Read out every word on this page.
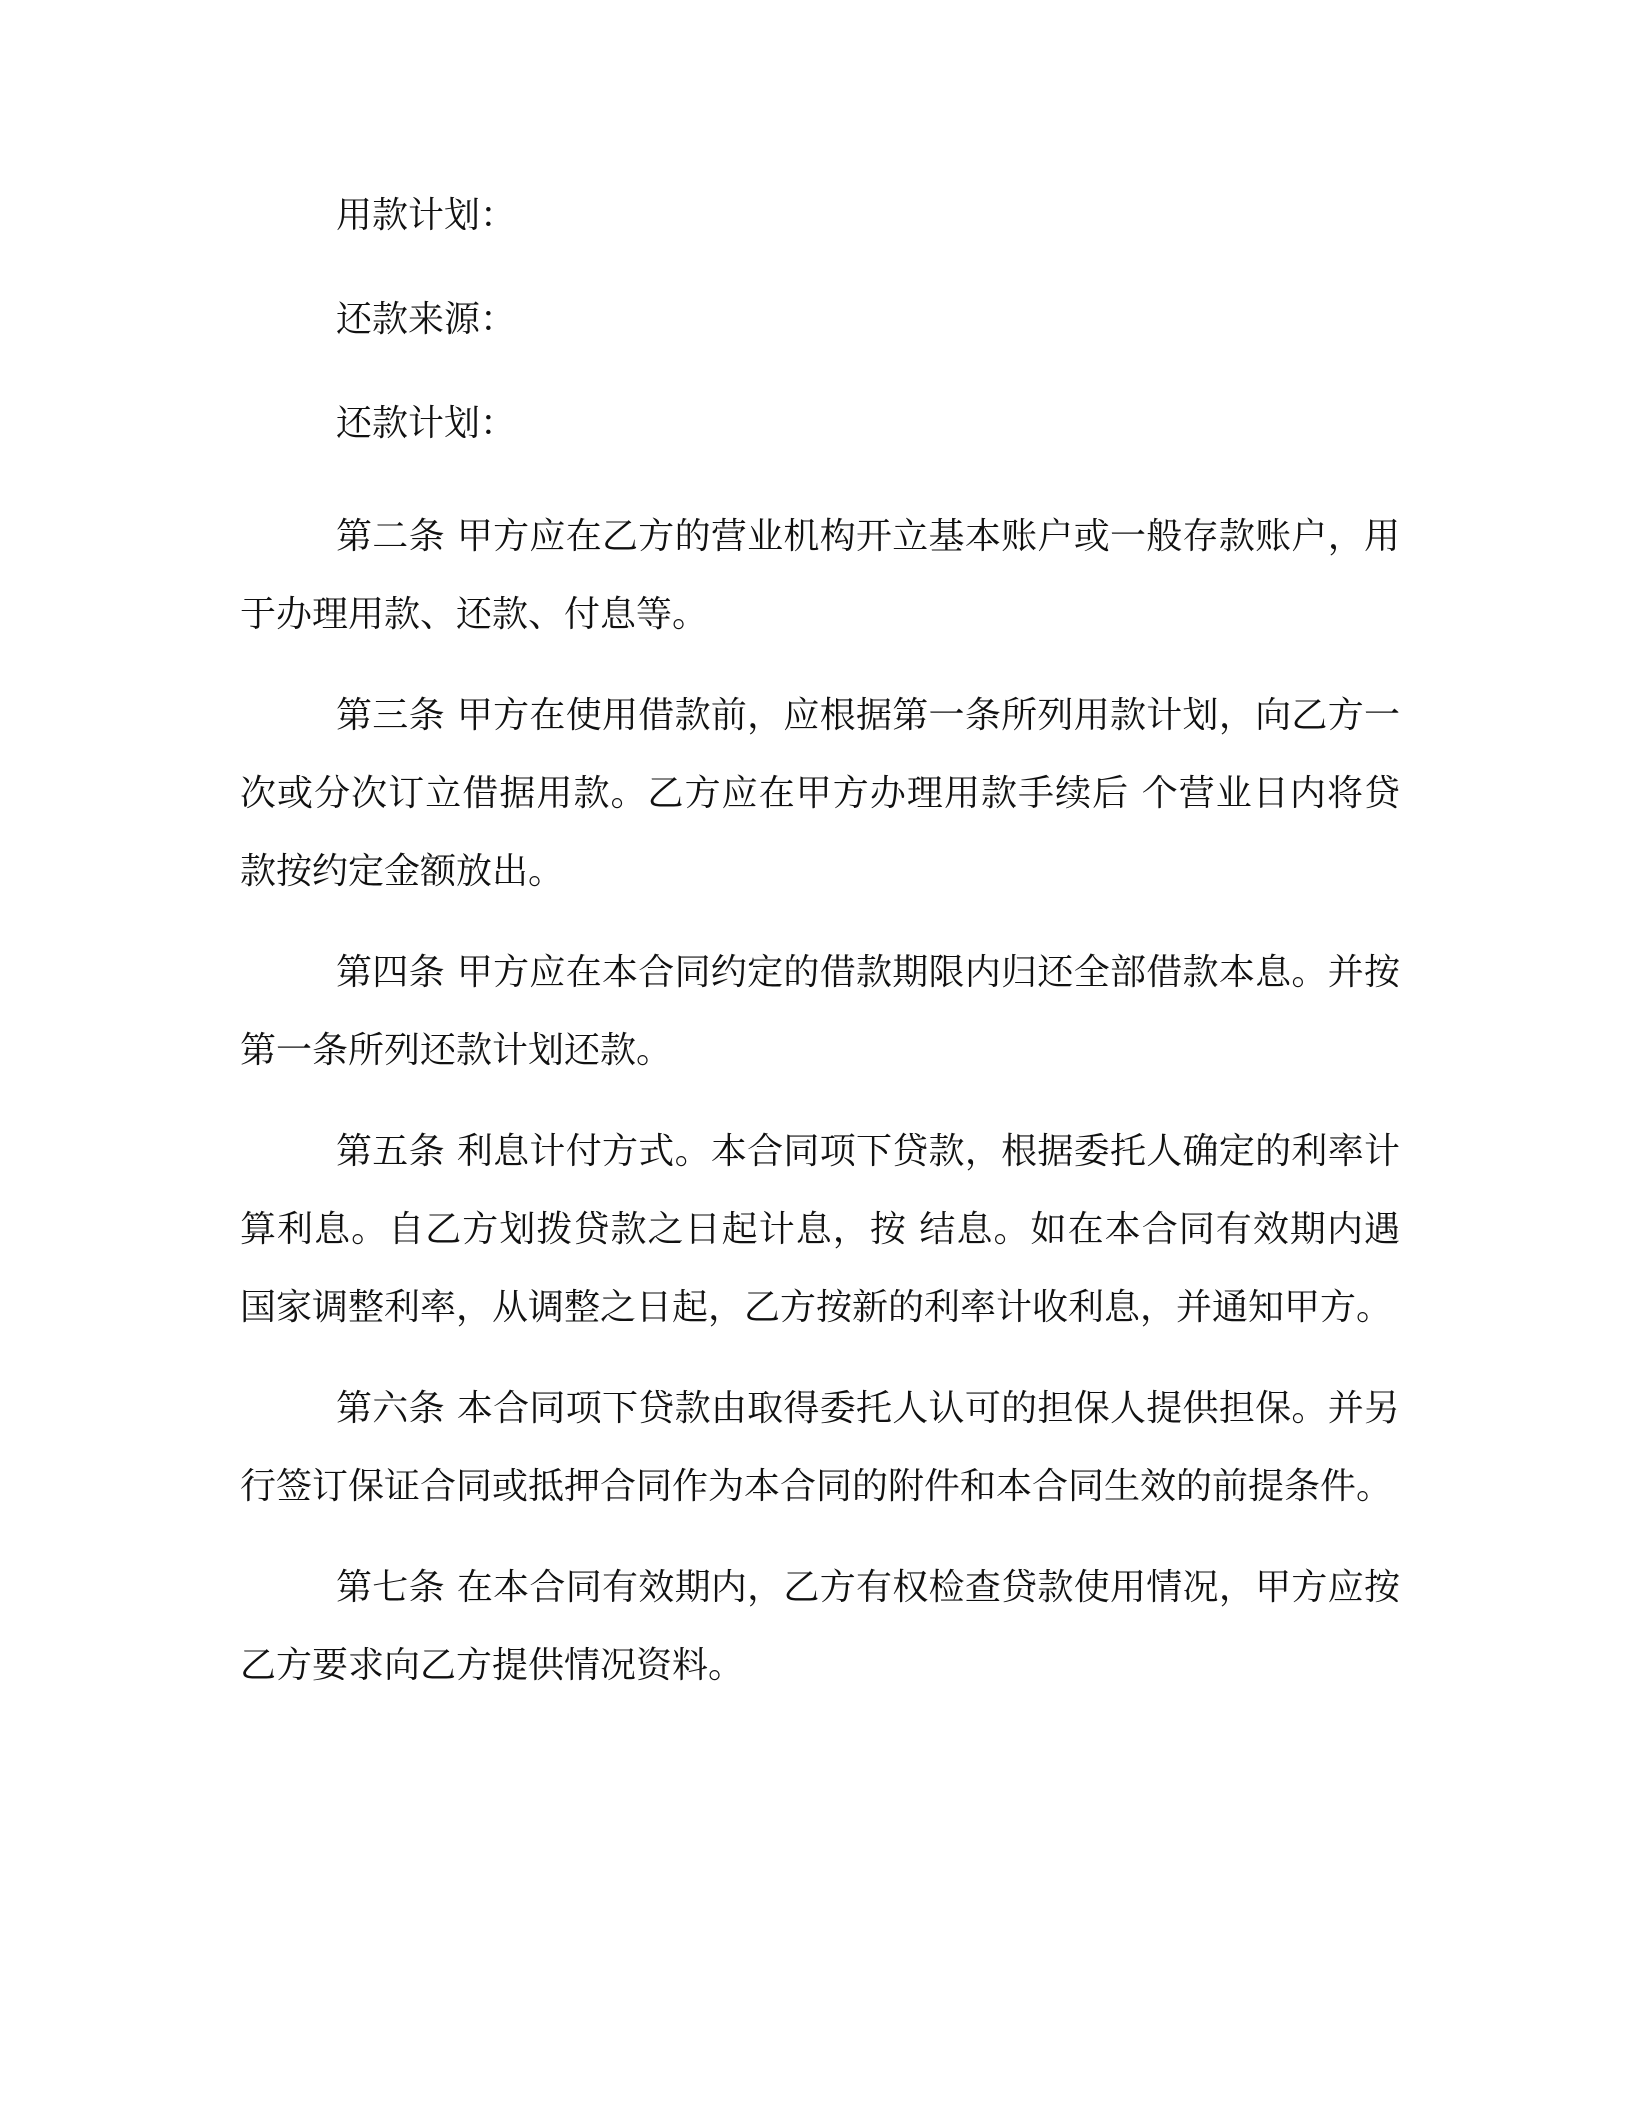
用款计划：
还款来源：
还款计划：

第二条 甲方应在乙方的营业机构开立基本账户或一般存款账户，用于办理用款、还款、付息等。

第三条 甲方在使用借款前，应根据第一条所列用款计划，向乙方一次或分次订立借据用款。乙方应在甲方办理用款手续后 个营业日内将贷款按约定金额放出。

第四条 甲方应在本合同约定的借款期限内归还全部借款本息。并按第一条所列还款计划还款。

第五条 利息计付方式。本合同项下贷款，根据委托人确定的利率计算利息。自乙方划拨贷款之日起计息，按 结息。如在本合同有效期内遇国家调整利率，从调整之日起，乙方按新的利率计收利息，并通知甲方。

第六条 本合同项下贷款由取得委托人认可的担保人提供担保。并另行签订保证合同或抵押合同作为本合同的附件和本合同生效的前提条件。

第七条 在本合同有效期内，乙方有权检查贷款使用情况，甲方应按乙方要求向乙方提供情况资料。
